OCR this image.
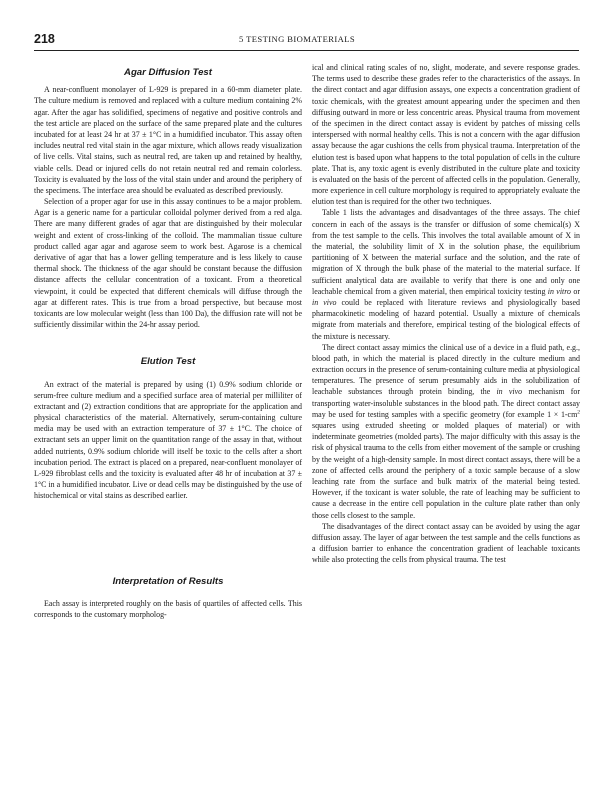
218	5 TESTING BIOMATERIALS
Agar Diffusion Test

A near-confluent monolayer of L-929 is prepared in a 60-mm diameter plate. The culture medium is removed and replaced with a culture medium containing 2% agar. After the agar has solidified, specimens of negative and positive controls and the test article are placed on the surface of the same prepared plate and the cultures incubated for at least 24 hr at 37 ± 1°C in a humidified incubator. This assay often includes neutral red vital stain in the agar mixture, which allows ready visualization of live cells. Vital stains, such as neutral red, are taken up and retained by healthy, viable cells. Dead or injured cells do not retain neutral red and remain colorless. Toxicity is evaluated by the loss of the vital stain under and around the periphery of the specimens. The interface area should be evaluated as described previously.

Selection of a proper agar for use in this assay continues to be a major problem. Agar is a generic name for a particular colloidal polymer derived from a red alga. There are many different grades of agar that are distinguished by their molecular weight and extent of cross-linking of the colloid. The mammalian tissue culture product called agar agar and agarose seem to work best. Agarose is a chemical derivative of agar that has a lower gelling temperature and is less likely to cause thermal shock. The thickness of the agar should be constant because the diffusion distance affects the cellular concentration of a toxicant. From a theoretical viewpoint, it could be expected that different chemicals will diffuse through the agar at different rates. This is true from a broad perspective, but because most toxicants are low molecular weight (less than 100 Da), the diffusion rate will not be sufficiently dissimilar within the 24-hr assay period.

Elution Test

An extract of the material is prepared by using (1) 0.9% sodium chloride or serum-free culture medium and a specified surface area of material per milliliter of extractant and (2) extraction conditions that are appropriate for the application and physical characteristics of the material. Alternatively, serum-containing culture media may be used with an extraction temperature of 37 ± 1°C. The choice of extractant sets an upper limit on the quantitation range of the assay in that, without added nutrients, 0.9% sodium chloride will itself be toxic to the cells after a short incubation period. The extract is placed on a prepared, near-confluent monolayer of L-929 fibroblast cells and the toxicity is evaluated after 48 hr of incubation at 37 ± 1°C in a humidified incubator. Live or dead cells may be distinguished by the use of histochemical or vital stains as described earlier.

Interpretation of Results

Each assay is interpreted roughly on the basis of quartiles of affected cells. This corresponds to the customary morpholog-

ical and clinical rating scales of no, slight, moderate, and severe response grades. The terms used to describe these grades refer to the characteristics of the assays. In the direct contact and agar diffusion assays, one expects a concentration gradient of toxic chemicals, with the greatest amount appearing under the specimen and then diffusing outward in more or less concentric areas. Physical trauma from movement of the specimen in the direct contact assay is evident by patches of missing cells interspersed with normal healthy cells. This is not a concern with the agar diffusion assay because the agar cushions the cells from physical trauma. Interpretation of the elution test is based upon what happens to the total population of cells in the culture plate. That is, any toxic agent is evenly distributed in the culture plate and toxicity is evaluated on the basis of the percent of affected cells in the population. Generally, more experience in cell culture morphology is required to appropriately evaluate the elution test than is required for the other two techniques.

Table 1 lists the advantages and disadvantages of the three assays. The chief concern in each of the assays is the transfer or diffusion of some chemical(s) X from the test sample to the cells. This involves the total available amount of X in the material, the solubility limit of X in the solution phase, the equilibrium partitioning of X between the material surface and the solution, and the rate of migration of X through the bulk phase of the material to the material surface. If sufficient analytical data are available to verify that there is one and only one leachable chemical from a given material, then empirical toxicity testing in vitro or in vivo could be replaced with literature reviews and physiologically based pharmacokinetic modeling of hazard potential. Usually a mixture of chemicals migrate from materials and therefore, empirical testing of the biological effects of the mixture is necessary.

The direct contact assay mimics the clinical use of a device in a fluid path, e.g., blood path, in which the material is placed directly in the culture medium and extraction occurs in the presence of serum-containing culture media at physiological temperatures. The presence of serum presumably aids in the solubilization of leachable substances through protein binding, the in vivo mechanism for transporting water-insoluble substances in the blood path. The direct contact assay may be used for testing samples with a specific geometry (for example $1 \times 1-cm^2$ squares using extruded sheeting or molded plaques of material) or with indeterminate geometries (molded parts). The major difficulty with this assay is the risk of physical trauma to the cells from either movement of the sample or crushing by the weight of a high-density sample. In most direct contact assays, there will be a zone of affected cells around the periphery of a toxic sample because of a slow leaching rate from the surface and bulk matrix of the material being tested. However, if the toxicant is water soluble, the rate of leaching may be sufficient to cause a decrease in the entire cell population in the culture plate rather than only those cells closest to the sample.

The disadvantages of the direct contact assay can be avoided by using the agar diffusion assay. The layer of agar between the test sample and the cells functions as a diffusion barrier to enhance the concentration gradient of leachable toxicants while also protecting the cells from physical trauma. The test
